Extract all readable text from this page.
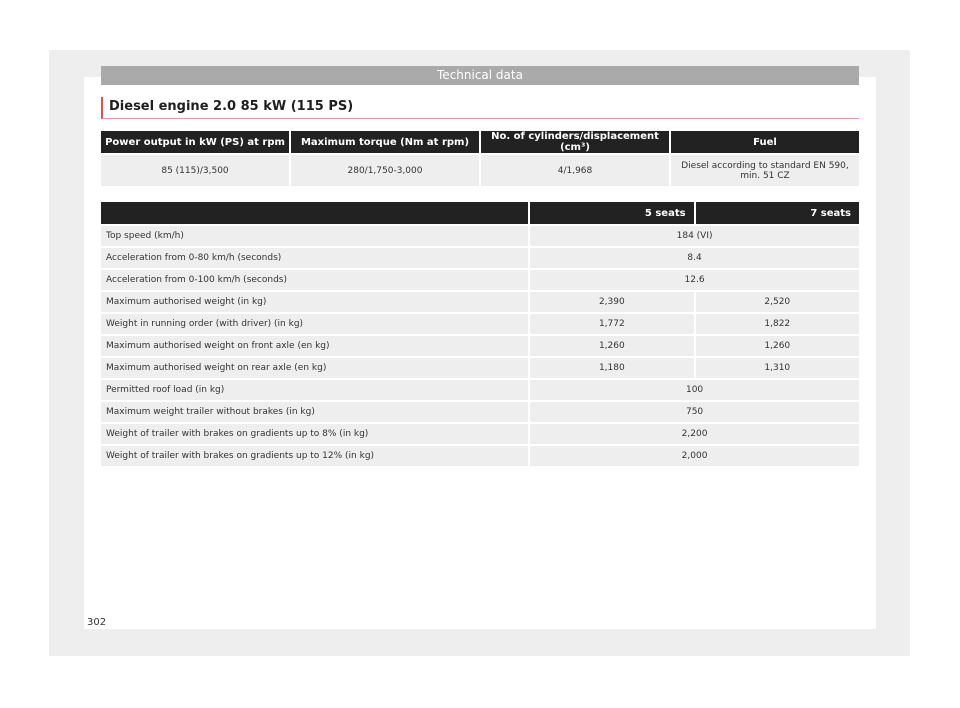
Technical data
Diesel engine 2.0 85 kW (115 PS)
Power output in kW (PS) at rpm	Maximum torque (Nm at rpm)	No. of cylinders/displacement (cm³)	Fuel
85 (115)/3,500	280/1,750-3,000	4/1,968	Diesel according to standard EN 590, min. 51 CZ
	5 seats	7 seats
Top speed (km/h)	184 (VI)	
Acceleration from 0-80 km/h (seconds)	8.4	
Acceleration from 0-100 km/h (seconds)	12.6	
Maximum authorised weight (in kg)	2,390	2,520
Weight in running order (with driver) (in kg)	1,772	1,822
Maximum authorised weight on front axle (en kg)	1,260	1,260
Maximum authorised weight on rear axle (en kg)	1,180	1,310
Permitted roof load (in kg)	100	
Maximum weight trailer without brakes (in kg)	750	
Weight of trailer with brakes on gradients up to 8% (in kg)	2,200	
Weight of trailer with brakes on gradients up to 12% (in kg)	2,000	
302
